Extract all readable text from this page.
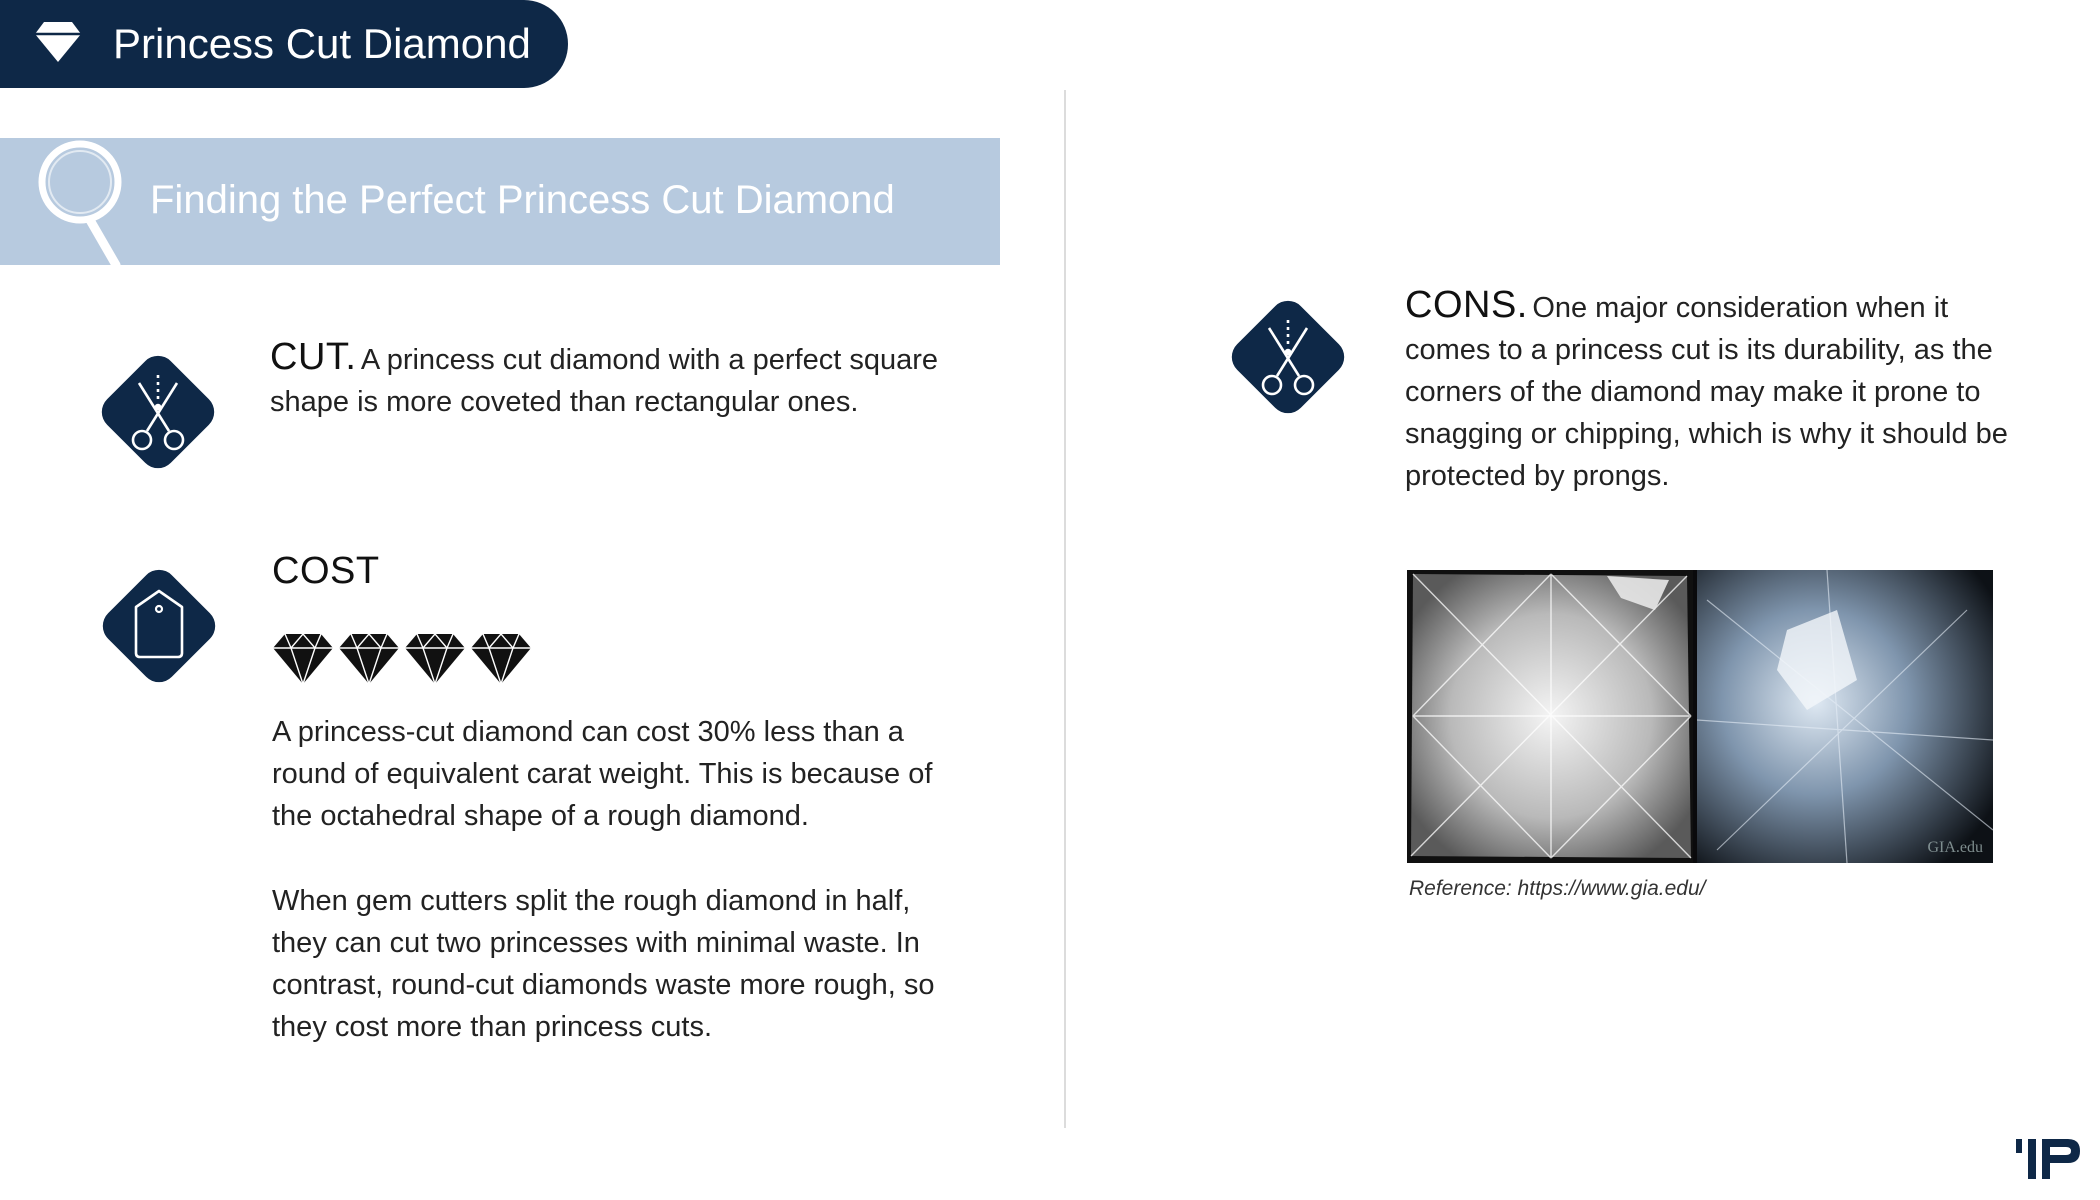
Princess Cut Diamond
Finding the Perfect Princess Cut Diamond
CUT. A princess cut diamond with a perfect square shape is more coveted than rectangular ones.
COST
A princess-cut diamond can cost 30% less than a round of equivalent carat weight. This is because of the octahedral shape of a rough diamond.
When gem cutters split the rough diamond in half, they can cut two princesses with minimal waste. In contrast, round-cut diamonds waste more rough, so they cost more than princess cuts.
CONS. One major consideration when it comes to a princess cut is its durability, as the corners of the diamond may make it prone to snagging or chipping, which is why it should be protected by prongs.
GIA.edu
Reference: https://www.gia.edu/
